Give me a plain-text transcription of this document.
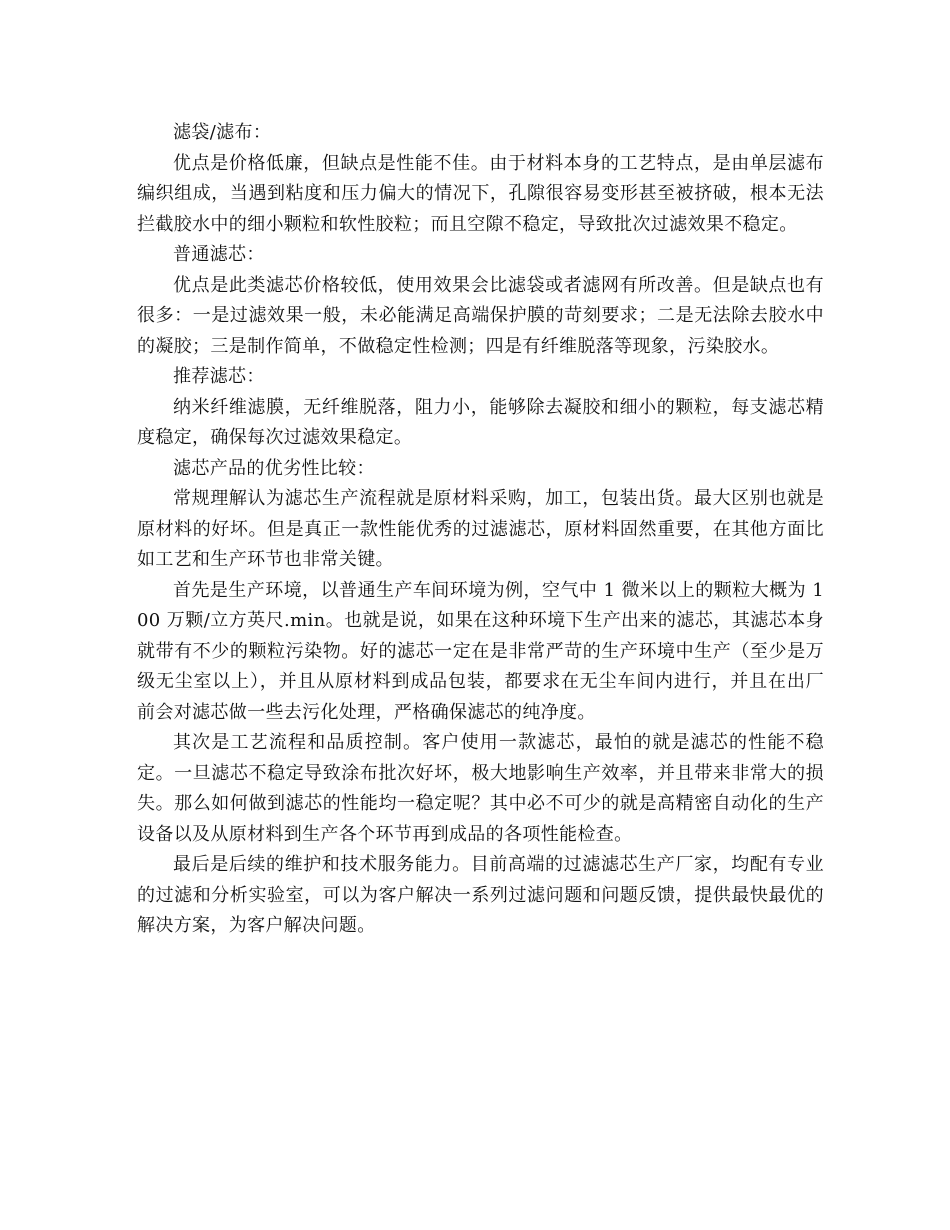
滤袋/滤布：

优点是价格低廉，但缺点是性能不佳。由于材料本身的工艺特点，是由单层滤布编织组成，当遇到粘度和压力偏大的情况下，孔隙很容易变形甚至被挤破，根本无法拦截胶水中的细小颗粒和软性胶粒；而且空隙不稳定，导致批次过滤效果不稳定。

普通滤芯：

优点是此类滤芯价格较低，使用效果会比滤袋或者滤网有所改善。但是缺点也有很多：一是过滤效果一般，未必能满足高端保护膜的苛刻要求；二是无法除去胶水中的凝胶；三是制作简单，不做稳定性检测；四是有纤维脱落等现象，污染胶水。

推荐滤芯：

纳米纤维滤膜，无纤维脱落，阻力小，能够除去凝胶和细小的颗粒，每支滤芯精度稳定，确保每次过滤效果稳定。

滤芯产品的优劣性比较：

常规理解认为滤芯生产流程就是原材料采购，加工，包装出货。最大区别也就是原材料的好坏。但是真正一款性能优秀的过滤滤芯，原材料固然重要，在其他方面比如工艺和生产环节也非常关键。

首先是生产环境，以普通生产车间环境为例，空气中 1 微米以上的颗粒大概为 100 万颗/立方英尺.min。也就是说，如果在这种环境下生产出来的滤芯，其滤芯本身就带有不少的颗粒污染物。好的滤芯一定在是非常严苛的生产环境中生产（至少是万级无尘室以上），并且从原材料到成品包装，都要求在无尘车间内进行，并且在出厂前会对滤芯做一些去污化处理，严格确保滤芯的纯净度。

其次是工艺流程和品质控制。客户使用一款滤芯，最怕的就是滤芯的性能不稳定。一旦滤芯不稳定导致涂布批次好坏，极大地影响生产效率，并且带来非常大的损失。那么如何做到滤芯的性能均一稳定呢？其中必不可少的就是高精密自动化的生产设备以及从原材料到生产各个环节再到成品的各项性能检查。

最后是后续的维护和技术服务能力。目前高端的过滤滤芯生产厂家，均配有专业的过滤和分析实验室，可以为客户解决一系列过滤问题和问题反馈，提供最快最优的解决方案，为客户解决问题。
